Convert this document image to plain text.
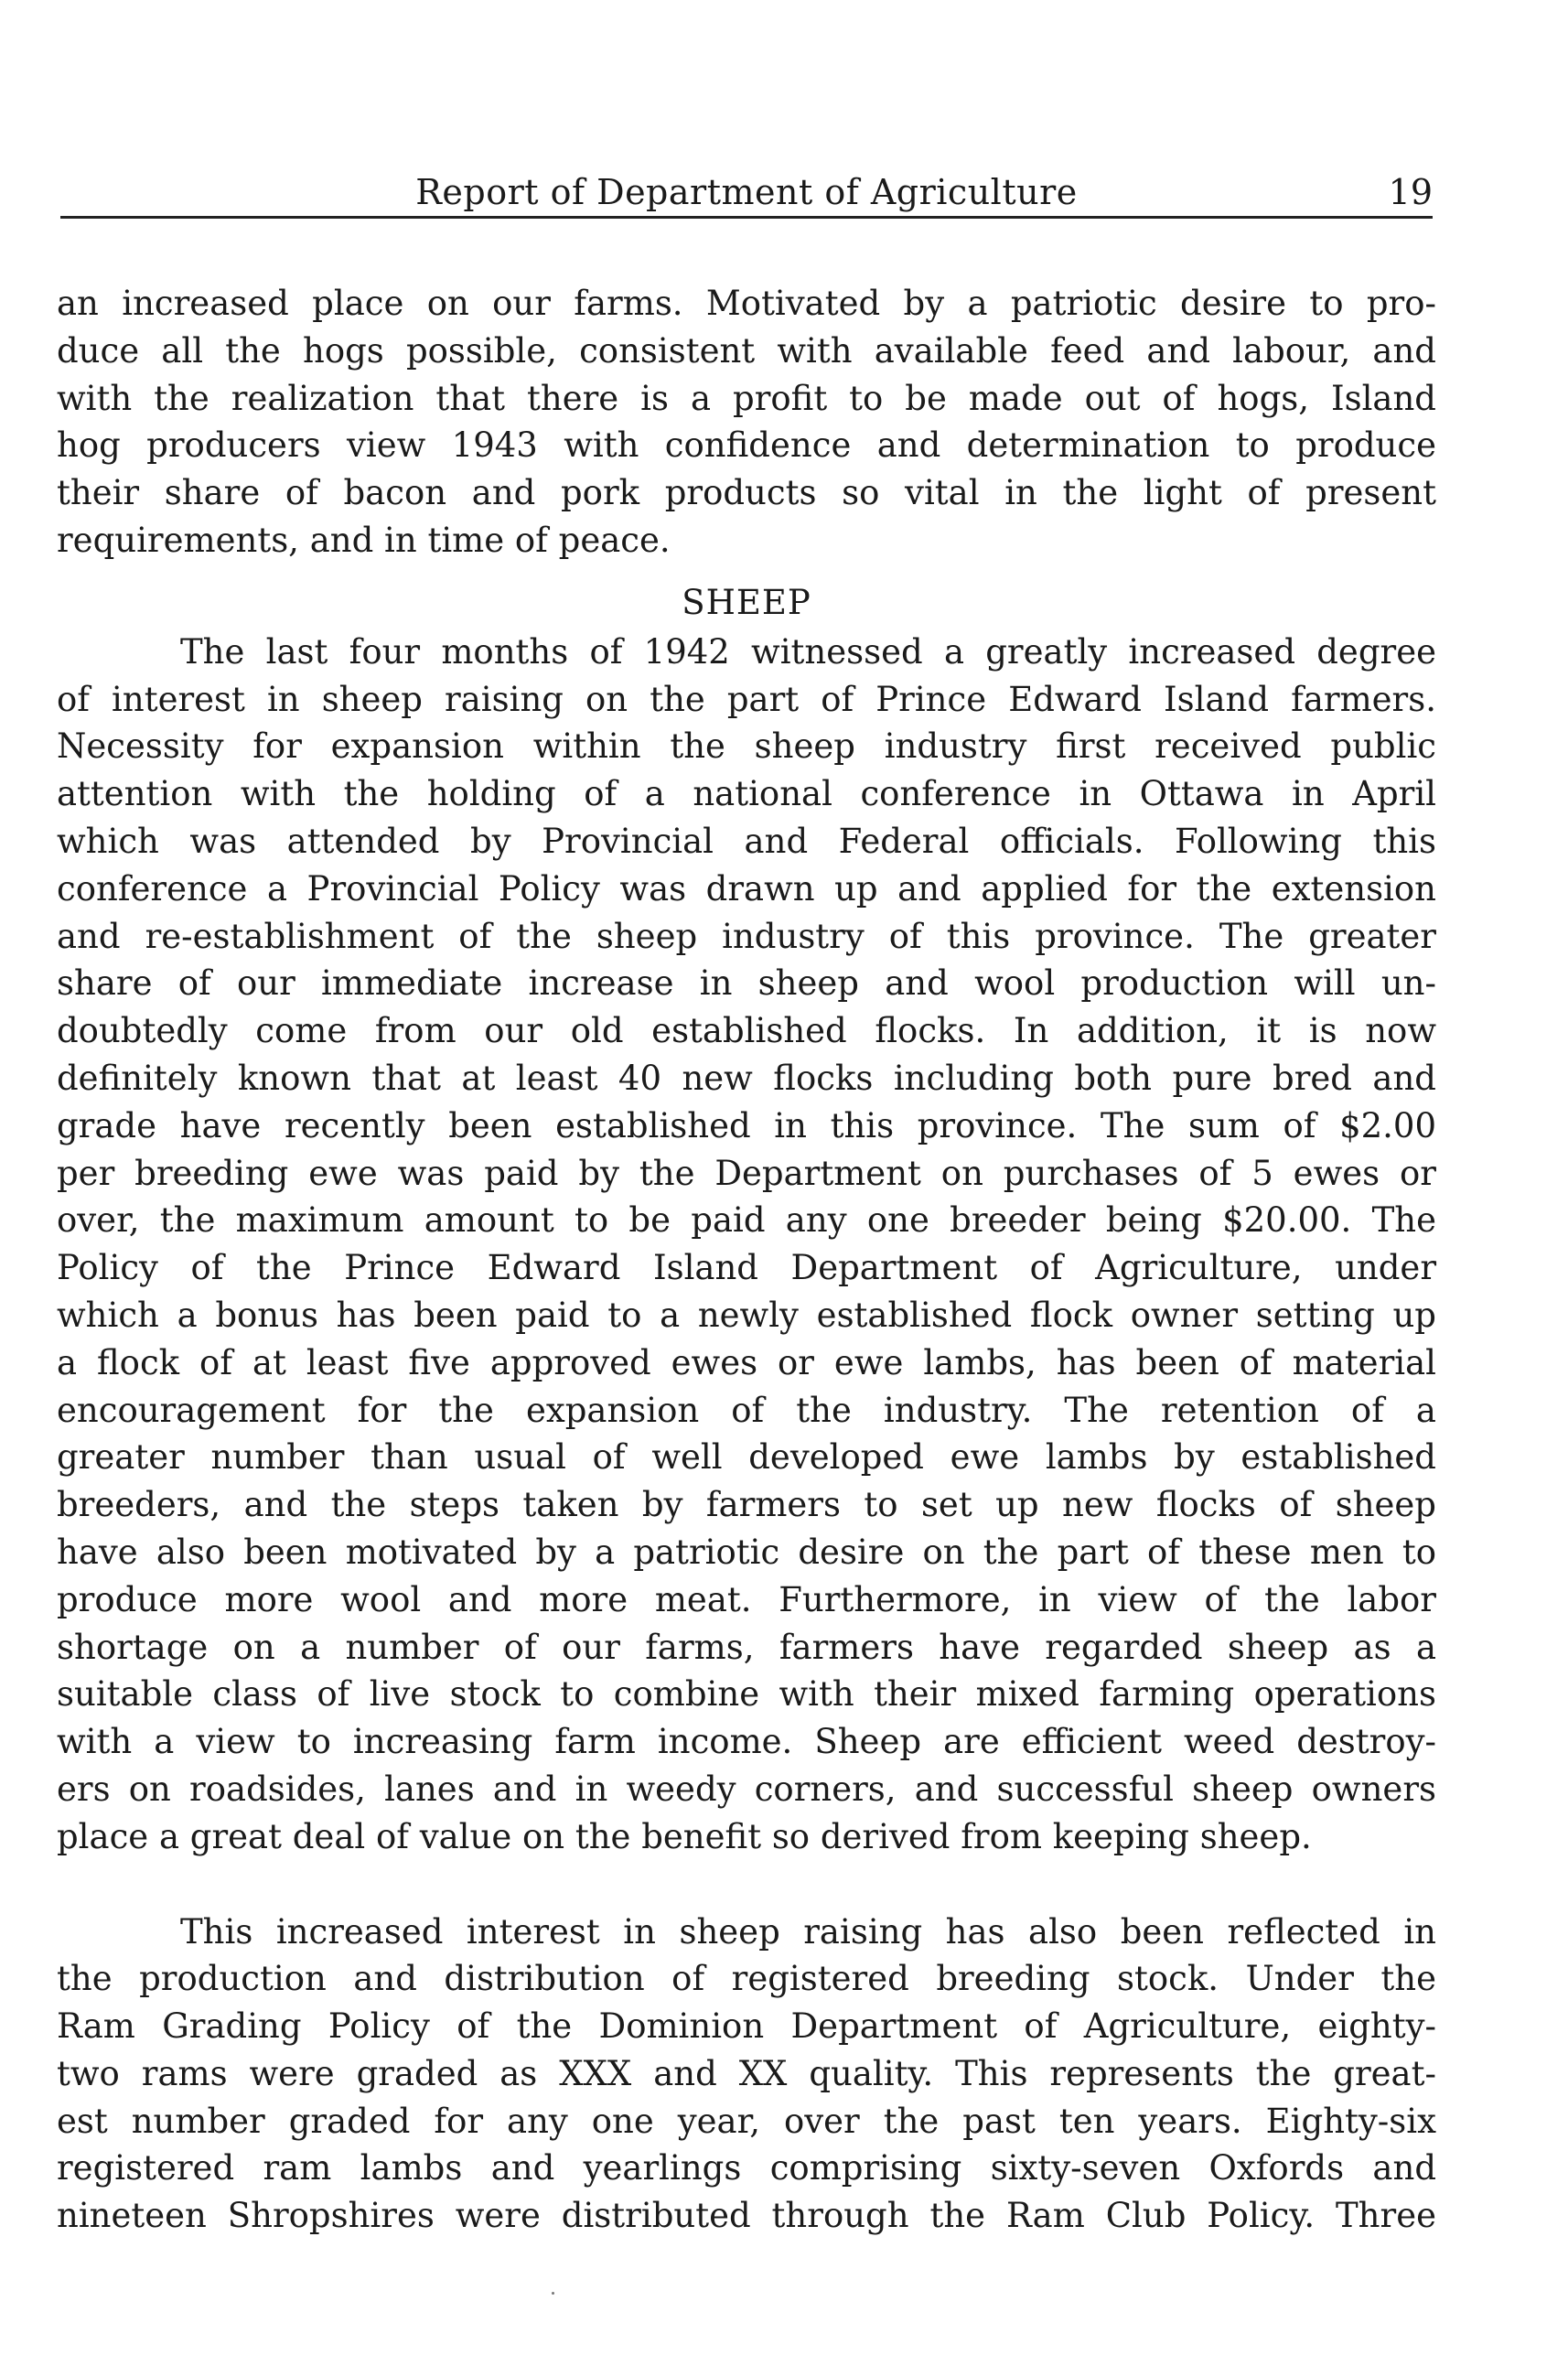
Report of Department of Agriculture	19
an increased place on our farms. Motivated by a patriotic desire to pro-
duce all the hogs possible, consistent with available feed and labour, and
with the realization that there is a profit to be made out of hogs, Island
hog producers view 1943 with confidence and determination to produce
their share of bacon and pork products so vital in the light of present
requirements, and in time of peace.
SHEEP
The last four months of 1942 witnessed a greatly increased degree
of interest in sheep raising on the part of Prince Edward Island farmers.
Necessity for expansion within the sheep industry first received public
attention with the holding of a national conference in Ottawa in April
which was attended by Provincial and Federal officials. Following this
conference a Provincial Policy was drawn up and applied for the extension
and re-establishment of the sheep industry of this province. The greater
share of our immediate increase in sheep and wool production will un-
doubtedly come from our old established flocks. In addition, it is now
definitely known that at least 40 new flocks including both pure bred and
grade have recently been established in this province. The sum of $2.00
per breeding ewe was paid by the Department on purchases of 5 ewes or
over, the maximum amount to be paid any one breeder being $20.00. The
Policy of the Prince Edward Island Department of Agriculture, under
which a bonus has been paid to a newly established flock owner setting up
a flock of at least five approved ewes or ewe lambs, has been of material
encouragement for the expansion of the industry. The retention of a
greater number than usual of well developed ewe lambs by established
breeders, and the steps taken by farmers to set up new flocks of sheep
have also been motivated by a patriotic desire on the part of these men to
produce more wool and more meat. Furthermore, in view of the labor
shortage on a number of our farms, farmers have regarded sheep as a
suitable class of live stock to combine with their mixed farming operations
with a view to increasing farm income. Sheep are efficient weed destroy-
ers on roadsides, lanes and in weedy corners, and successful sheep owners
place a great deal of value on the benefit so derived from keeping sheep.
This increased interest in sheep raising has also been reflected in
the production and distribution of registered breeding stock. Under the
Ram Grading Policy of the Dominion Department of Agriculture, eighty-
two rams were graded as XXX and XX quality. This represents the great-
est number graded for any one year, over the past ten years. Eighty-six
registered ram lambs and yearlings comprising sixty-seven Oxfords and
nineteen Shropshires were distributed through the Ram Club Policy. Three
